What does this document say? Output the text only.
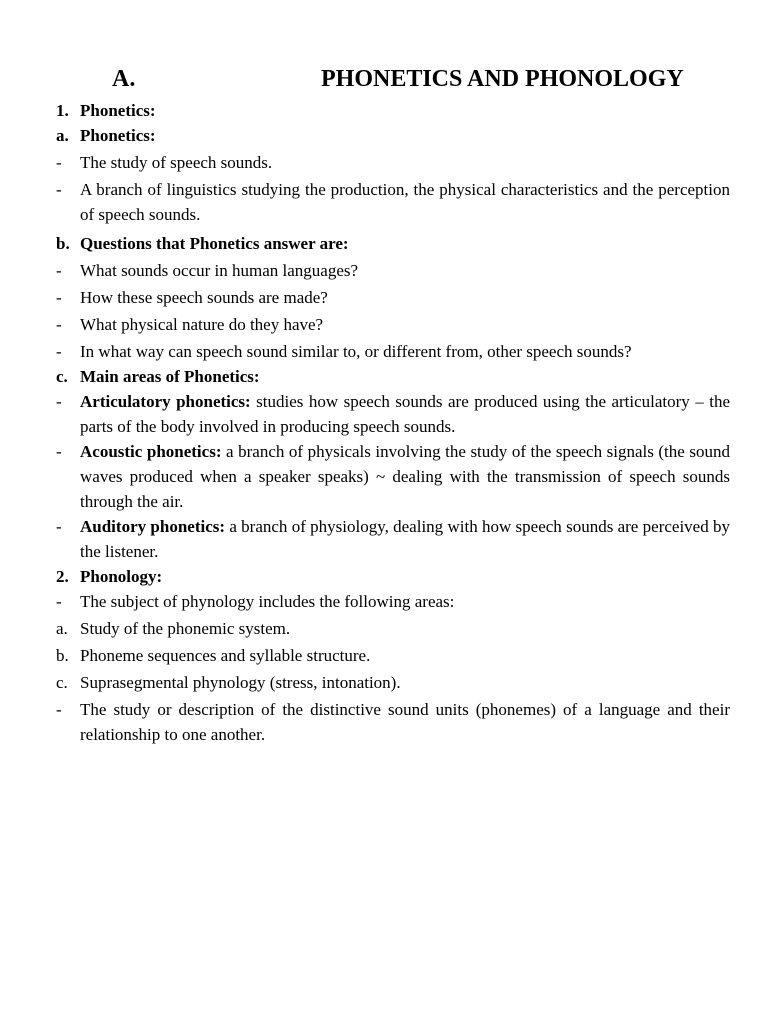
A.	PHONETICS AND PHONOLOGY
1. Phonetics:
a. Phonetics:
-	The study of speech sounds.
-	A branch of linguistics studying the production, the physical characteristics and the perception of speech sounds.
b. Questions that Phonetics answer are:
-	What sounds occur in human languages?
-	How these speech sounds are made?
-	What physical nature do they have?
-	In what way can speech sound similar to, or different from, other speech sounds?
c. Main areas of Phonetics:
-	Articulatory phonetics: studies how speech sounds are produced using the articulatory – the parts of the body involved in producing speech sounds.
-	Acoustic phonetics: a branch of physicals involving the study of the speech signals (the sound waves produced when a speaker speaks) ~ dealing with the transmission of speech sounds through the air.
-	Auditory phonetics: a branch of physiology, dealing with how speech sounds are perceived by the listener.
2. Phonology:
-	The subject of phynology includes the following areas:
a. Study of the phonemic system.
b. Phoneme sequences and syllable structure.
c. Suprasegmental phynology (stress, intonation).
-	The study or description of the distinctive sound units (phonemes) of a language and their relationship to one another.
